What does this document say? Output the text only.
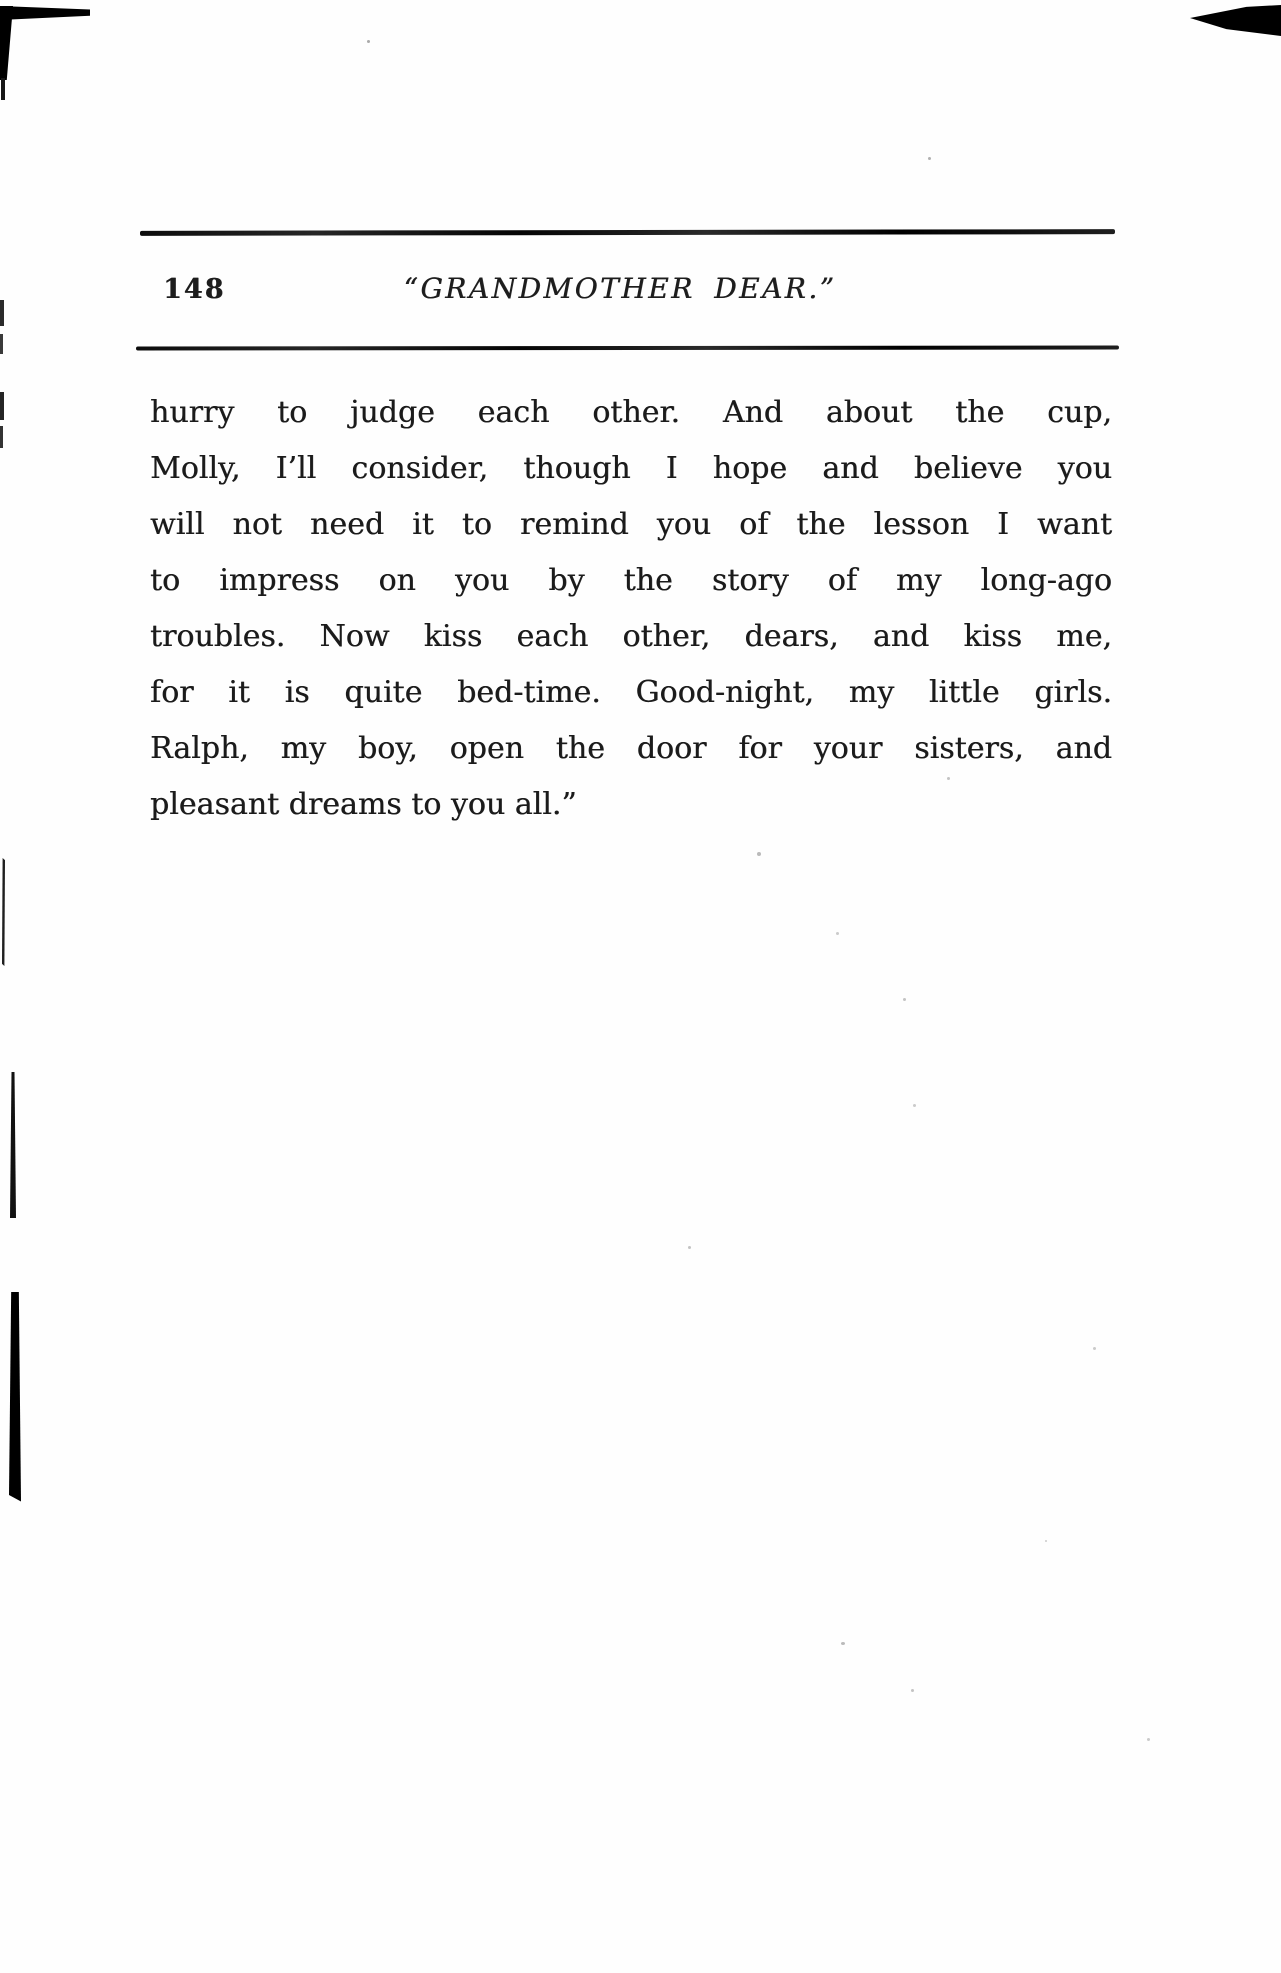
148	“GRANDMOTHER DEAR.”
hurry to judge each other. And about the cup,
Molly, I’ll consider, though I hope and believe you
will not need it to remind you of the lesson I want
to impress on you by the story of my long-ago
troubles. Now kiss each other, dears, and kiss me,
for it is quite bed-time. Good-night, my little girls.
Ralph, my boy, open the door for your sisters, and
pleasant dreams to you all.”
